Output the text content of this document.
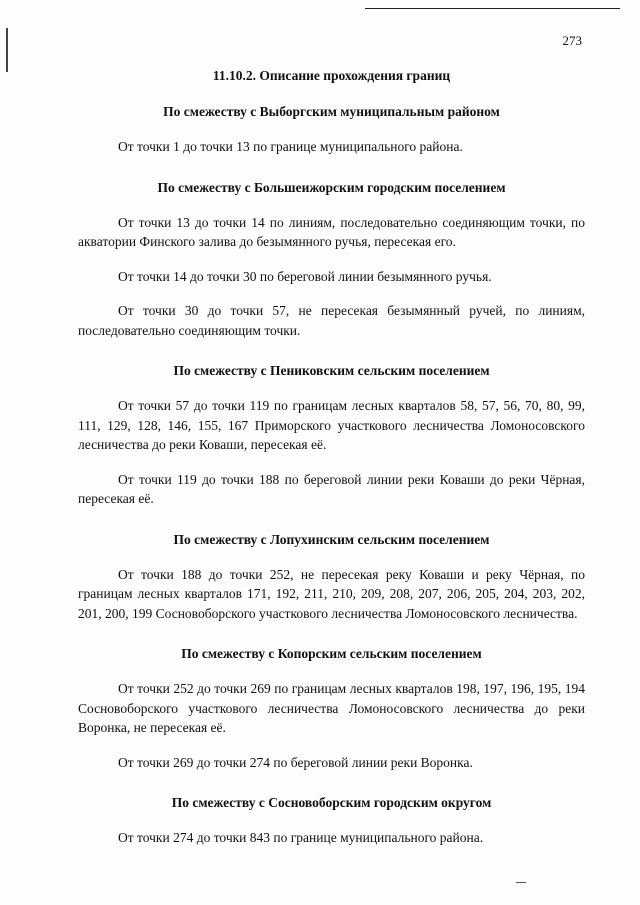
273
11.10.2. Описание прохождения границ
По смежеству с Выборгским муниципальным районом
От точки 1 до точки 13 по границе муниципального района.
По смежеству с Большеижорским городским поселением
От точки 13 до точки 14 по линиям, последовательно соединяющим точки, по акватории Финского залива до безымянного ручья, пересекая его.
От точки 14 до точки 30 по береговой линии безымянного ручья.
От точки 30 до точки 57, не пересекая безымянный ручей, по линиям, последовательно соединяющим точки.
По смежеству с Пениковским сельским поселением
От точки 57 до точки 119 по границам лесных кварталов 58, 57, 56, 70, 80, 99, 111, 129, 128, 146, 155, 167 Приморского участкового лесничества Ломоносовского лесничества до реки Коваши, пересекая её.
От точки 119 до точки 188 по береговой линии реки Коваши до реки Чёрная, пересекая её.
По смежеству с Лопухинским сельским поселением
От точки 188 до точки 252, не пересекая реку Коваши и реку Чёрная, по границам лесных кварталов 171, 192, 211, 210, 209, 208, 207, 206, 205, 204, 203, 202, 201, 200, 199 Сосновоборского участкового лесничества Ломоносовского лесничества.
По смежеству с Копорским сельским поселением
От точки 252 до точки 269 по границам лесных кварталов 198, 197, 196, 195, 194 Сосновоборского участкового лесничества Ломоносовского лесничества до реки Воронка, не пересекая её.
От точки 269 до точки 274 по береговой линии реки Воронка.
По смежеству с Сосновоборским городским округом
От точки 274 до точки 843 по границе муниципального района.
